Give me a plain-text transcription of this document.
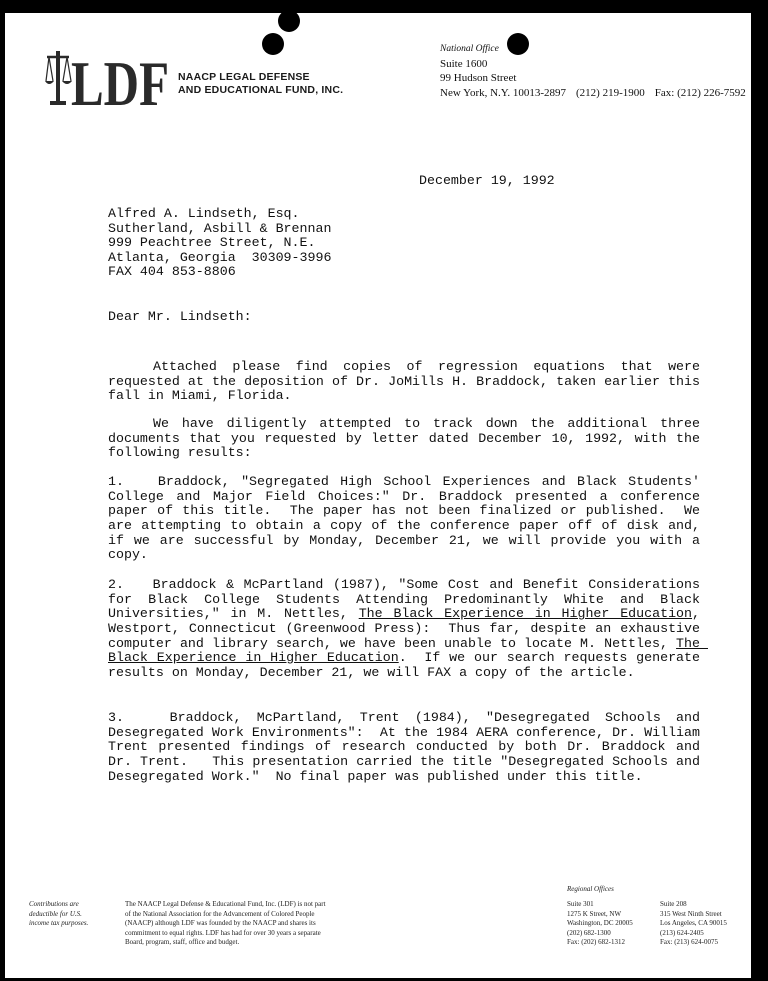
LDF NAACP LEGAL DEFENSE
AND EDUCATIONAL FUND, INC.
National Office
Suite 1600
99 Hudson Street
New York, N.Y. 10013-2897 (212) 219-1900 Fax: (212) 226-7592
December 19, 1992
Alfred A. Lindseth, Esq.
Sutherland, Asbill & Brennan
999 Peachtree Street, N.E.
Atlanta, Georgia  30309-3996
FAX 404 853-8806
Dear Mr. Lindseth:

Attached please find copies of regression equations that were requested at the deposition of Dr. JoMills H. Braddock, taken earlier this fall in Miami, Florida.

We have diligently attempted to track down the additional three documents that you requested by letter dated December 10, 1992, with the following results:

1.   Braddock, "Segregated High School Experiences and Black Students' College and Major Field Choices:" Dr. Braddock presented a conference paper of this title.  The paper has not been finalized or published.  We are attempting to obtain a copy of the conference paper off of disk and, if we are successful by Monday, December 21, we will provide you with a copy.

2.   Braddock & McPartland (1987), "Some Cost and Benefit Considerations for Black College Students Attending Predominantly White and Black Universities," in M. Nettles, The Black Experience in Higher Education, Westport, Connecticut (Greenwood Press):  Thus far, despite an exhaustive computer and library search, we have been unable to locate M. Nettles, The Black Experience in Higher Education.  If we our search requests generate results on Monday, December 21, we will FAX a copy of the article.

3.   Braddock, McPartland, Trent (1984), "Desegregated Schools and Desegregated Work Environments":  At the 1984 AERA conference, Dr. William Trent presented findings of research conducted by both Dr. Braddock and Dr. Trent.   This presentation carried the title "Desegregated Schools and Desegregated Work."  No final paper was published under this title.

Contributions are
deductible for U.S.
income tax purposes.
The NAACP Legal Defense & Educational Fund, Inc. (LDF) is not part
of the National Association for the Advancement of Colored People
(NAACP) although LDF was founded by the NAACP and shares its
commitment to equal rights. LDF has had for over 30 years a separate
Board, program, staff, office and budget.
Regional Offices
Suite 301
1275 K Street, NW
Washington, DC 20005
(202) 682-1300
Fax: (202) 682-1312
Suite 208
315 West Ninth Street
Los Angeles, CA 90015
(213) 624-2405
Fax: (213) 624-0075
